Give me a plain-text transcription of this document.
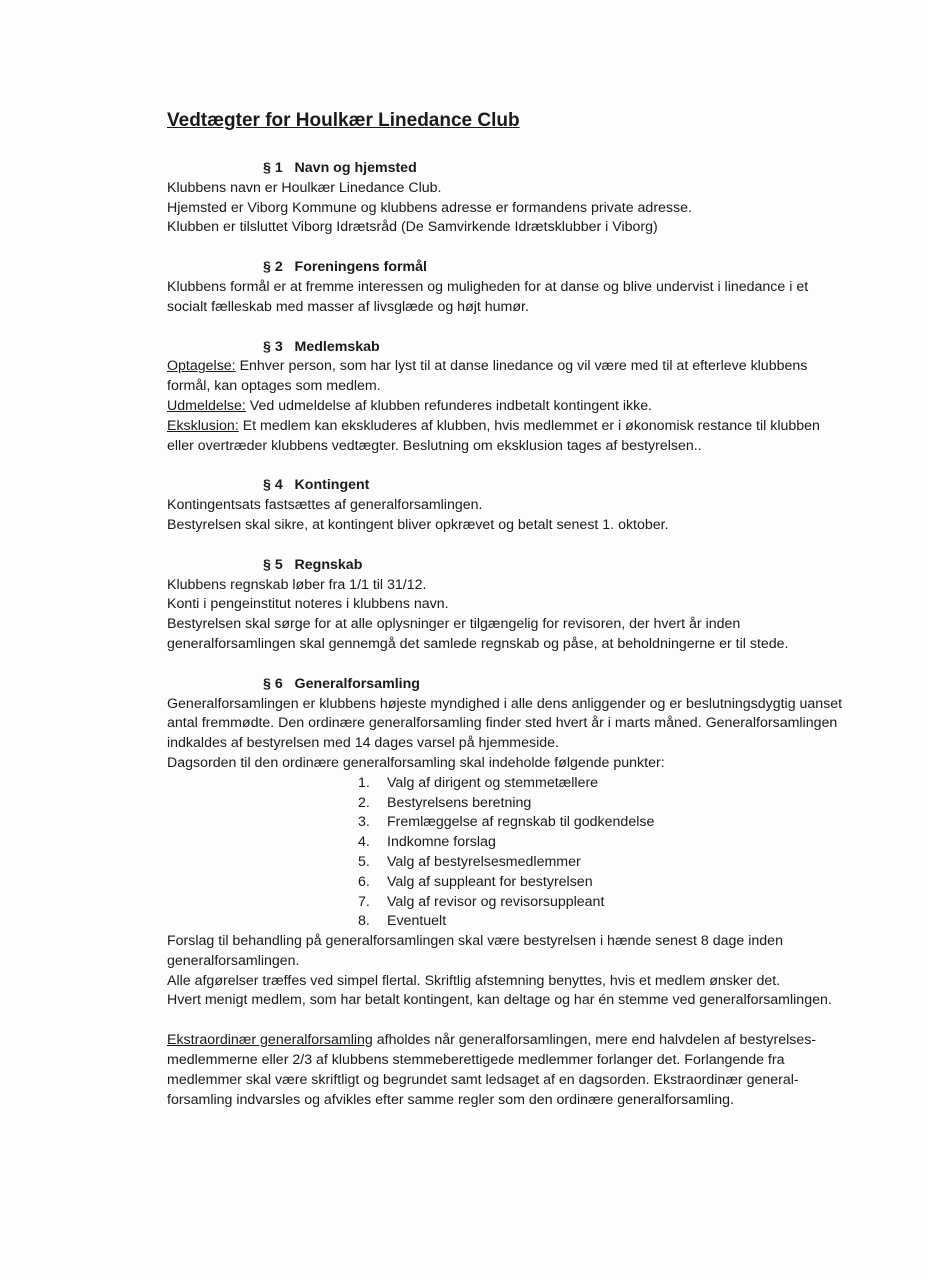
Vedtægter for Houlkær Linedance Club

§ 1   Navn og hjemsted

Klubbens navn er Houlkær Linedance Club.

Hjemsted er Viborg Kommune og klubbens adresse er formandens private adresse.

Klubben er tilsluttet Viborg Idrætsråd (De Samvirkende Idrætsklubber i Viborg)

§ 2   Foreningens formål

Klubbens formål er at fremme interessen og muligheden for at danse og blive undervist i linedance i et

socialt fælleskab med masser af livsglæde og højt humør.

§ 3   Medlemskab

Optagelse: Enhver person, som har lyst til at danse linedance og vil være med til at efterleve klubbens

formål, kan optages som medlem.

Udmeldelse: Ved udmeldelse af klubben refunderes indbetalt kontingent ikke.

Eksklusion: Et medlem kan ekskluderes af klubben, hvis medlemmet er i økonomisk restance til klubben

eller overtræder klubbens vedtægter. Beslutning om eksklusion tages af bestyrelsen..

§ 4   Kontingent

Kontingentsats fastsættes af generalforsamlingen.

Bestyrelsen skal sikre, at kontingent bliver opkrævet og betalt senest 1. oktober.

§ 5   Regnskab

Klubbens regnskab løber fra 1/1 til 31/12.

Konti i pengeinstitut noteres i klubbens navn.

Bestyrelsen skal sørge for at alle oplysninger er tilgængelig for revisoren, der hvert år inden

generalforsamlingen skal gennemgå det samlede regnskab og påse, at beholdningerne er til stede.

§ 6   Generalforsamling

Generalforsamlingen er klubbens højeste myndighed i alle dens anliggender og er beslutningsdygtig uanset

antal fremmødte. Den ordinære generalforsamling finder sted hvert år i marts måned. Generalforsamlingen

indkaldes af bestyrelsen med 14 dages varsel på hjemmeside.

Dagsorden til den ordinære generalforsamling skal indeholde følgende punkter:

1. Valg af dirigent og stemmetællere
2. Bestyrelsens beretning
3. Fremlæggelse af regnskab til godkendelse
4. Indkomne forslag
5. Valg af bestyrelsesmedlemmer
6. Valg af suppleant for bestyrelsen
7. Valg af revisor og revisorsuppleant
8. Eventuelt

Forslag til behandling på generalforsamlingen skal være bestyrelsen i hænde senest 8 dage inden

generalforsamlingen.

Alle afgørelser træffes ved simpel flertal. Skriftlig afstemning benyttes, hvis et medlem ønsker det.

Hvert menigt medlem, som har betalt kontingent, kan deltage og har én stemme ved generalforsamlingen.

Ekstraordinær generalforsamling afholdes når generalforsamlingen, mere end halvdelen af bestyrelses-

medlemmerne eller 2/3 af klubbens stemmeberettigede medlemmer forlanger det. Forlangende fra

medlemmer skal være skriftligt og begrundet samt ledsaget af en dagsorden. Ekstraordinær general-

forsamling indvarsles og afvikles efter samme regler som den ordinære generalforsamling.
